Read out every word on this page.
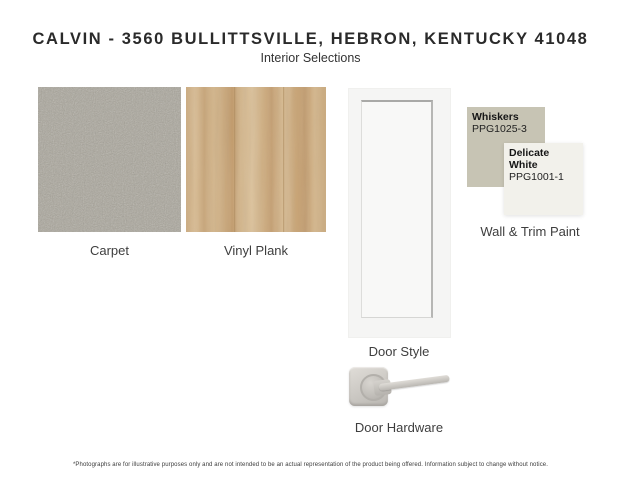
CALVIN - 3560 BULLITTSVILLE, HEBRON, KENTUCKY 41048
Interior Selections
Carpet	Vinyl Plank
Door Style
Whiskers
PPG1025-3
Delicate White
PPG1001-1
Wall & Trim Paint
Door Hardware
*Photographs are for illustrative purposes only and are not intended to be an actual representation of the product being offered. Information subject to change without notice.
